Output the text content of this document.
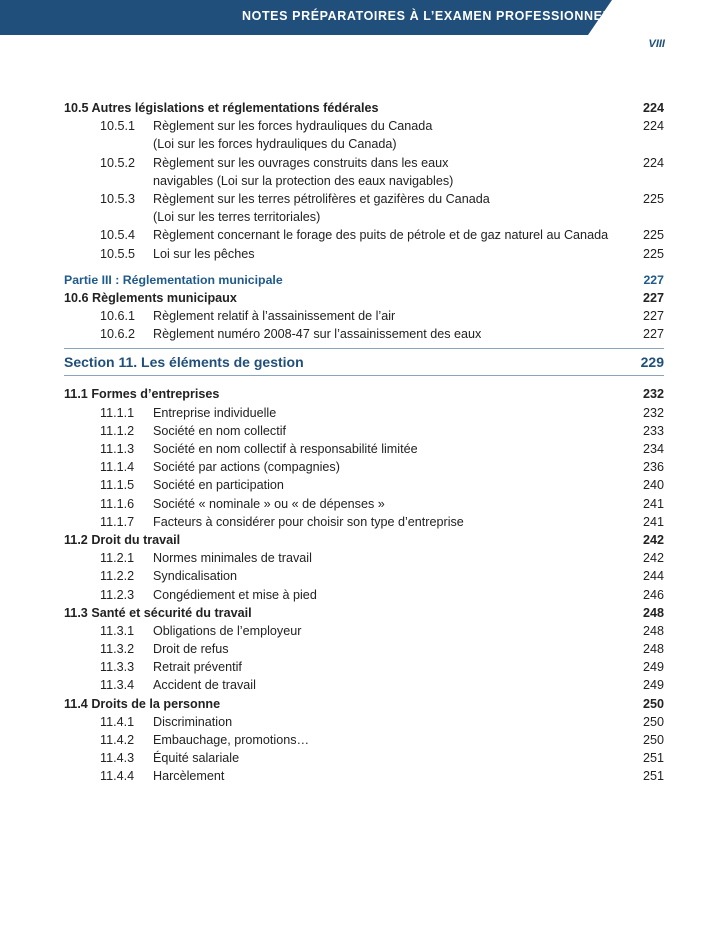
NOTES PRÉPARATOIRES À L’EXAMEN PROFESSIONNEL
VIII
10.5 Autres législations et réglementations fédérales	224
10.5.1 Règlement sur les forces hydrauliques du Canada	224
(Loi sur les forces hydrauliques du Canada)
10.5.2 Règlement sur les ouvrages construits dans les eaux	224
navigables (Loi sur la protection des eaux navigables)
10.5.3 Règlement sur les terres pétrolifères et gazifères du Canada	225
(Loi sur les terres territoriales)
10.5.4 Règlement concernant le forage des puits de pétrole et de gaz naturel au Canada	225
10.5.5 Loi sur les pêches	225
Partie III : Réglementation municipale	227
10.6 Règlements municipaux	227
10.6.1 Règlement relatif à l’assainissement de l’air	227
10.6.2 Règlement numéro 2008-47 sur l’assainissement des eaux	227
Section 11. Les éléments de gestion	229
11.1 Formes d’entreprises	232
11.1.1 Entreprise individuelle	232
11.1.2 Société en nom collectif	233
11.1.3 Société en nom collectif à responsabilité limitée	234
11.1.4 Société par actions (compagnies)	236
11.1.5 Société en participation	240
11.1.6 Société « nominale » ou « de dépenses »	241
11.1.7 Facteurs à considérer pour choisir son type d’entreprise	241
11.2 Droit du travail	242
11.2.1 Normes minimales de travail	242
11.2.2 Syndicalisation	244
11.2.3 Congédiement et mise à pied	246
11.3 Santé et sécurité du travail	248
11.3.1 Obligations de l’employeur	248
11.3.2 Droit de refus	248
11.3.3 Retrait préventif	249
11.3.4 Accident de travail	249
11.4 Droits de la personne	250
11.4.1 Discrimination	250
11.4.2 Embauchage, promotions…	250
11.4.3 Équité salariale	251
11.4.4 Harcèlement	251
